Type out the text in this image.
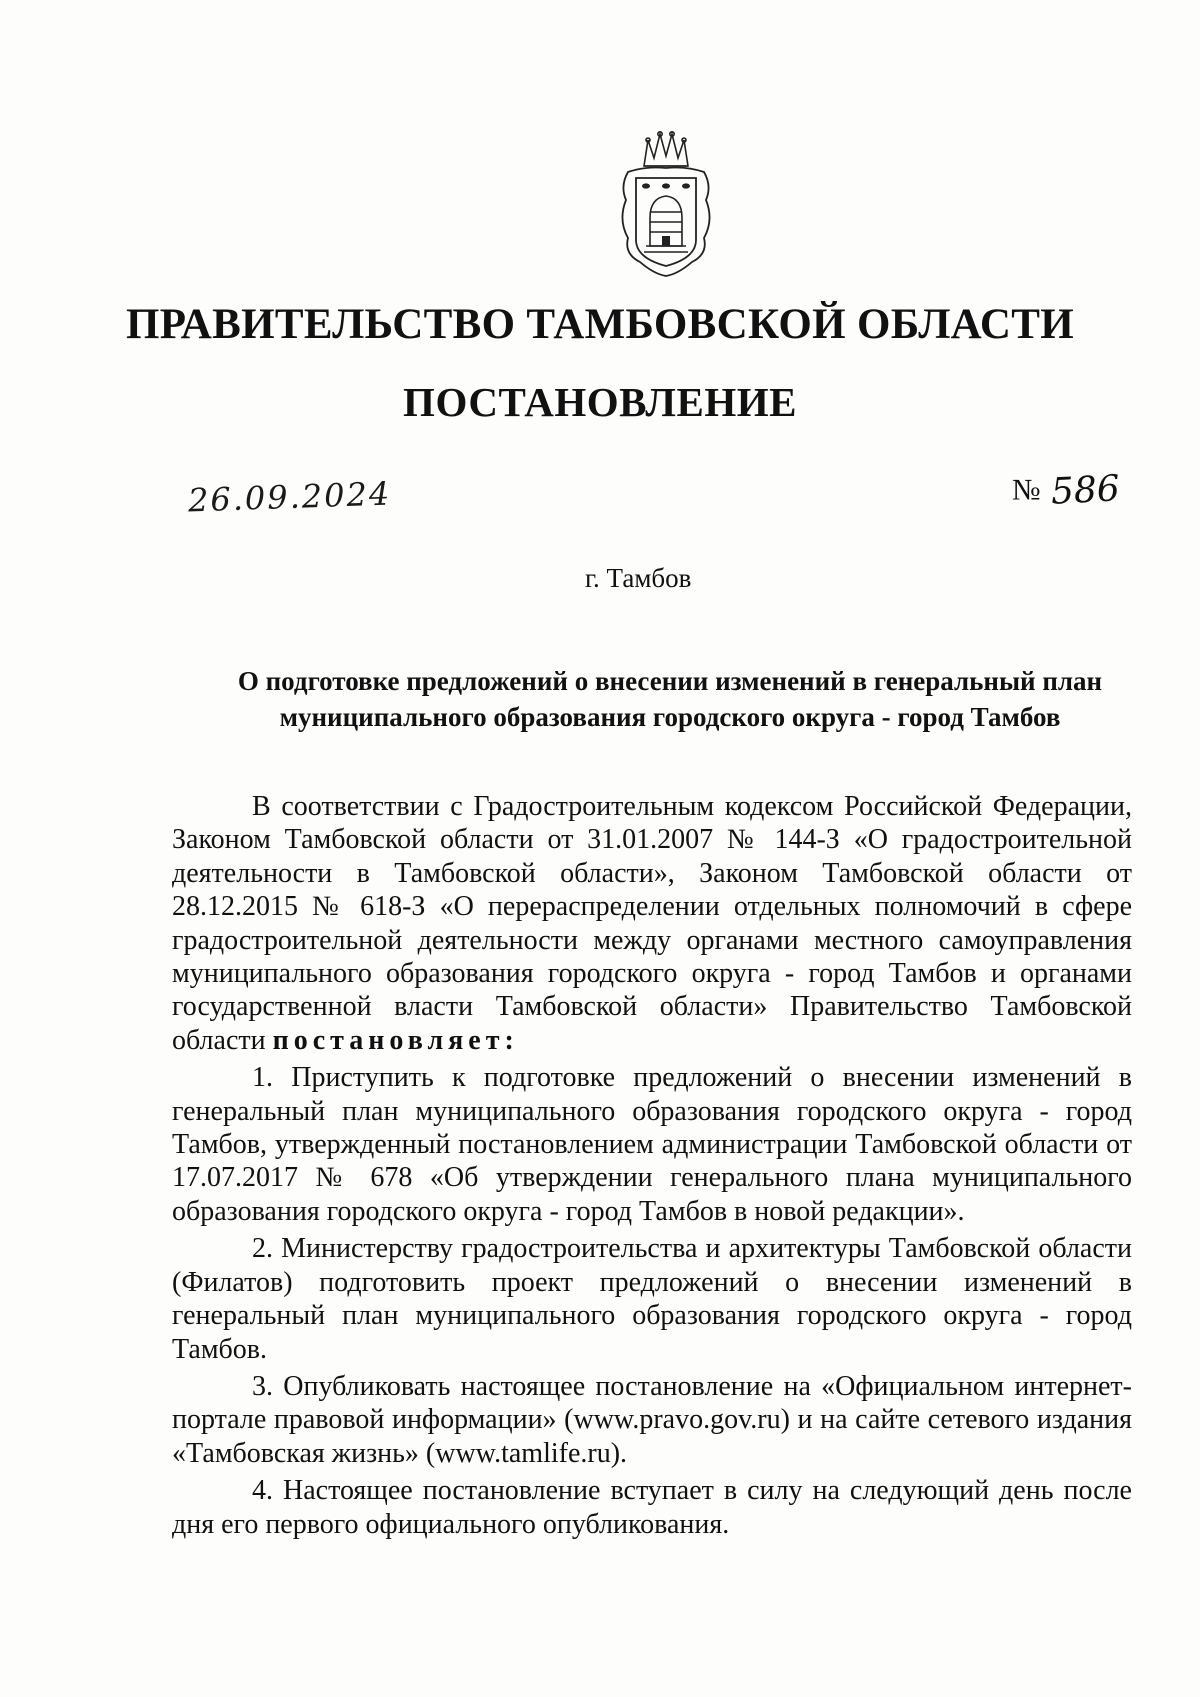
ПРАВИТЕЛЬСТВО ТАМБОВСКОЙ ОБЛАСТИ
ПОСТАНОВЛЕНИЕ
26.09.2024	№ 586
г. Тамбов
О подготовке предложений о внесении изменений в генеральный план
муниципального образования городского округа - город Тамбов

В соответствии с Градостроительным кодексом Российской Федерации, Законом Тамбовской области от 31.01.2007 № 144-З «О градостроительной деятельности в Тамбовской области», Законом Тамбовской области от 28.12.2015 № 618-З «О перераспределении отдельных полномочий в сфере градостроительной деятельности между органами местного самоуправления муниципального образования городского округа - город Тамбов и органами государственной власти Тамбовской области» Правительство Тамбовской области постановляет:

1. Приступить к подготовке предложений о внесении изменений в генеральный план муниципального образования городского округа - город Тамбов, утвержденный постановлением администрации Тамбовской области от 17.07.2017 № 678 «Об утверждении генерального плана муниципального образования городского округа - город Тамбов в новой редакции».

2. Министерству градостроительства и архитектуры Тамбовской области (Филатов) подготовить проект предложений о внесении изменений в генеральный план муниципального образования городского округа - город Тамбов.

3. Опубликовать настоящее постановление на «Официальном интернет-портале правовой информации» (www.pravo.gov.ru) и на сайте сетевого издания «Тамбовская жизнь» (www.tamlife.ru).

4. Настоящее постановление вступает в силу на следующий день после дня его первого официального опубликования.
